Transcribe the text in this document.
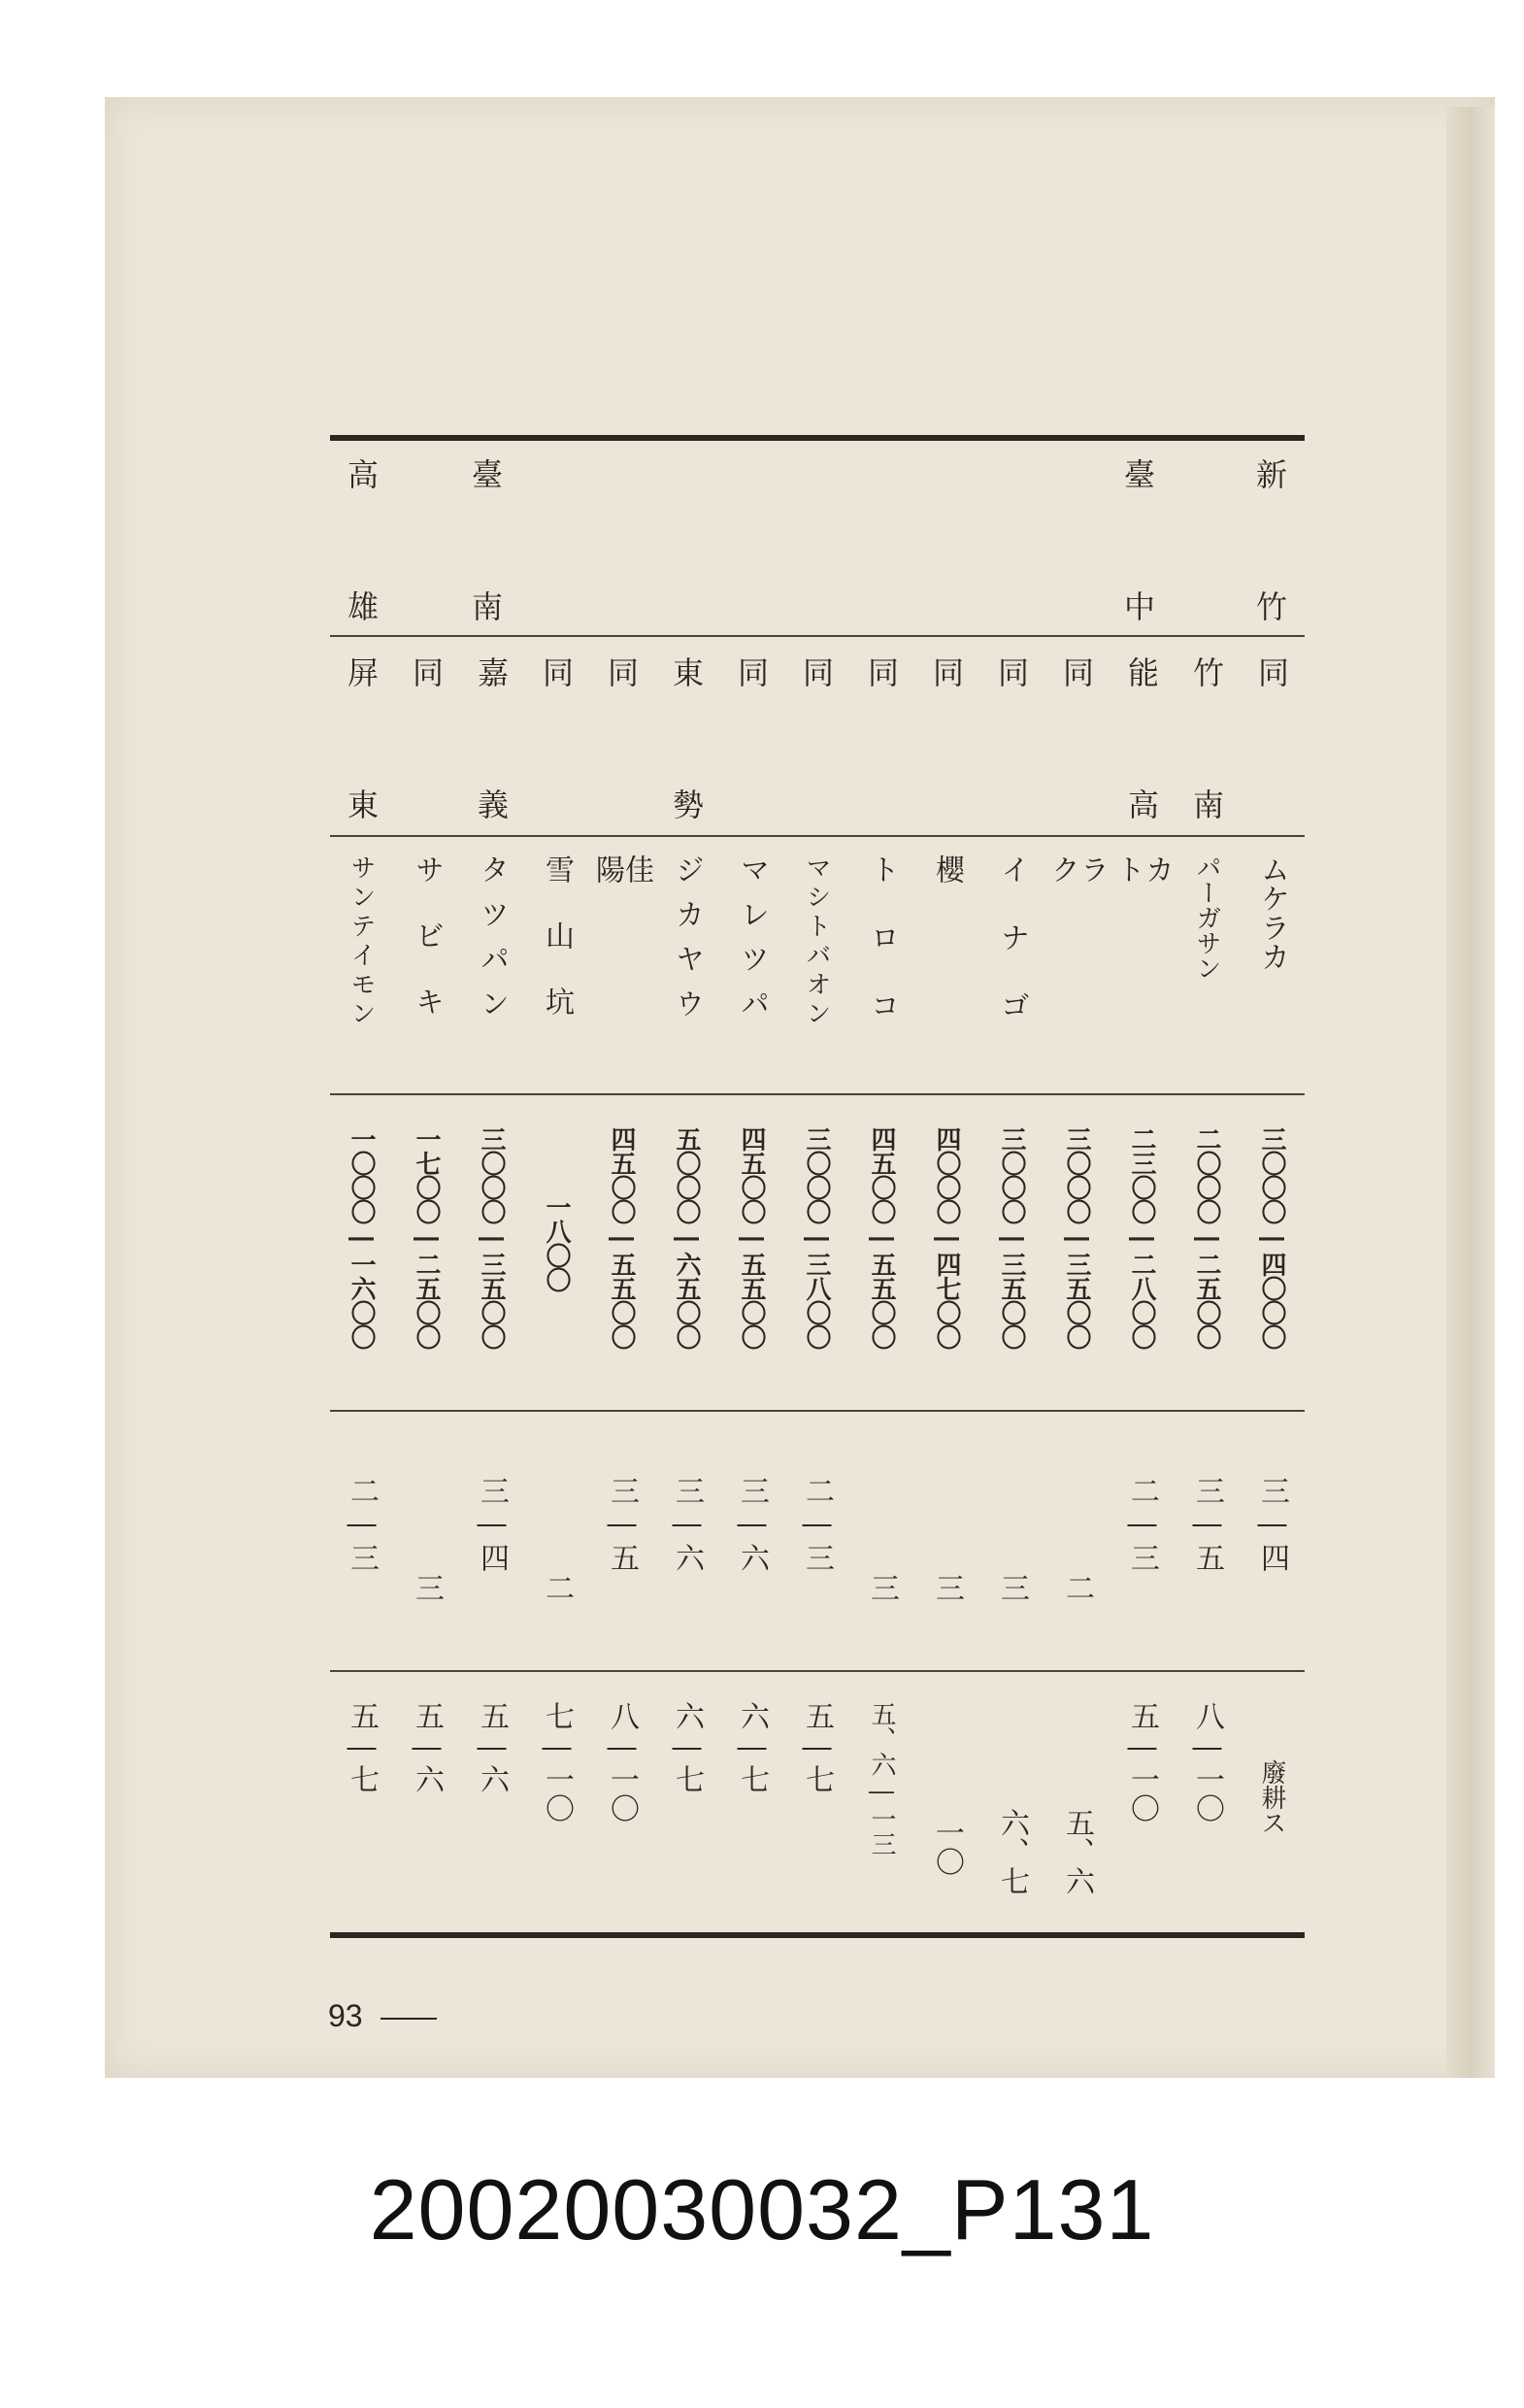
新
竹
臺
中
臺
南
高
雄
同
竹
南
能
高
同
同
同
同
同
同
東
勢
同
同
嘉
義
同
屏
東
ムケラカ
パーガサン
カト
ラク
イナゴ
櫻
トロコ
マシトバオン
マレツパ
ジカヤウ
佳陽
雪山坑
タツパン
サビキ
サンテイモン
三〇〇〇―四〇〇〇
二〇〇〇―二五〇〇
二三〇〇―二八〇〇
三〇〇〇―三五〇〇
三〇〇〇―三五〇〇
四〇〇〇―四七〇〇
四五〇〇―五五〇〇
三〇〇〇―三八〇〇
四五〇〇―五五〇〇
五〇〇〇―六五〇〇
四五〇〇―五五〇〇
一八〇〇
三〇〇〇―三五〇〇
一七〇〇―二五〇〇
一〇〇〇―一六〇〇
三―四
三―五
二―三
二
三
三
三
二―三
三―六
三―六
三―五
二
三―四
三
二―三
廢耕ス
八―一〇
五―一〇
五、六
六、七
一〇
五、六―一三
五―七
六―七
六―七
八―一〇
七―一〇
五―六
五―六
五―七
93
20020030032_P131
